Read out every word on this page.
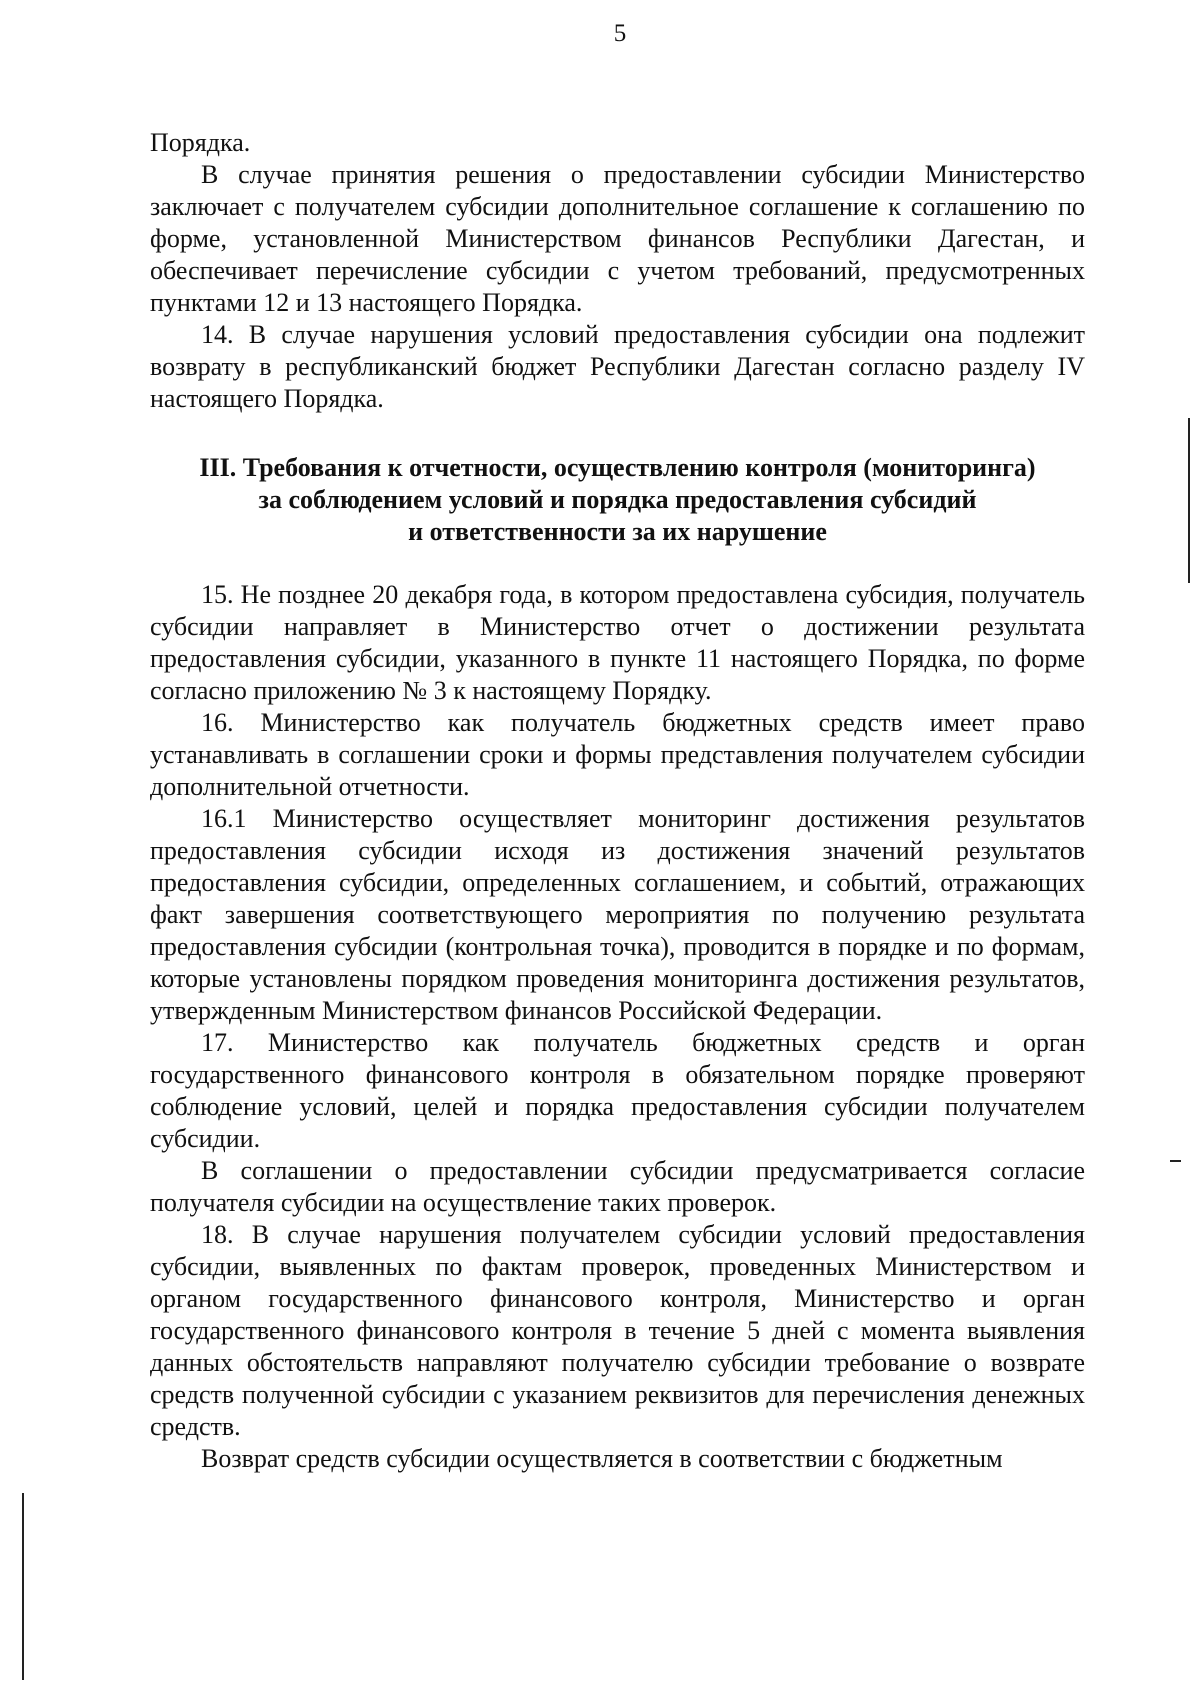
5

Порядка.

В случае принятия решения о предоставлении субсидии Министерство заключает с получателем субсидии дополнительное соглашение к соглашению по форме, установленной Министерством финансов Республики Дагестан, и обеспечивает перечисление субсидии с учетом требований, предусмотренных пунктами 12 и 13 настоящего Порядка.

14. В случае нарушения условий предоставления субсидии она подлежит возврату в республиканский бюджет Республики Дагестан согласно разделу IV настоящего Порядка.

III. Требования к отчетности, осуществлению контроля (мониторинга)
за соблюдением условий и порядка предоставления субсидий
и ответственности за их нарушение

15. Не позднее 20 декабря года, в котором предоставлена субсидия, получатель субсидии направляет в Министерство отчет о достижении результата предоставления субсидии, указанного в пункте 11 настоящего Порядка, по форме согласно приложению № 3 к настоящему Порядку.

16. Министерство как получатель бюджетных средств имеет право устанавливать в соглашении сроки и формы представления получателем субсидии дополнительной отчетности.

16.1 Министерство осуществляет мониторинг достижения результатов предоставления субсидии исходя из достижения значений результатов предоставления субсидии, определенных соглашением, и событий, отражающих факт завершения соответствующего мероприятия по получению результата предоставления субсидии (контрольная точка), проводится в порядке и по формам, которые установлены порядком проведения мониторинга достижения результатов, утвержденным Министерством финансов Российской Федерации.

17. Министерство как получатель бюджетных средств и орган государственного финансового контроля в обязательном порядке проверяют соблюдение условий, целей и порядка предоставления субсидии получателем субсидии.

В соглашении о предоставлении субсидии предусматривается согласие получателя субсидии на осуществление таких проверок.

18. В случае нарушения получателем субсидии условий предоставления субсидии, выявленных по фактам проверок, проведенных Министерством и органом государственного финансового контроля, Министерство и орган государственного финансового контроля в течение 5 дней с момента выявления данных обстоятельств направляют получателю субсидии требование о возврате средств полученной субсидии с указанием реквизитов для перечисления денежных средств.

Возврат средств субсидии осуществляется в соответствии с бюджетным
